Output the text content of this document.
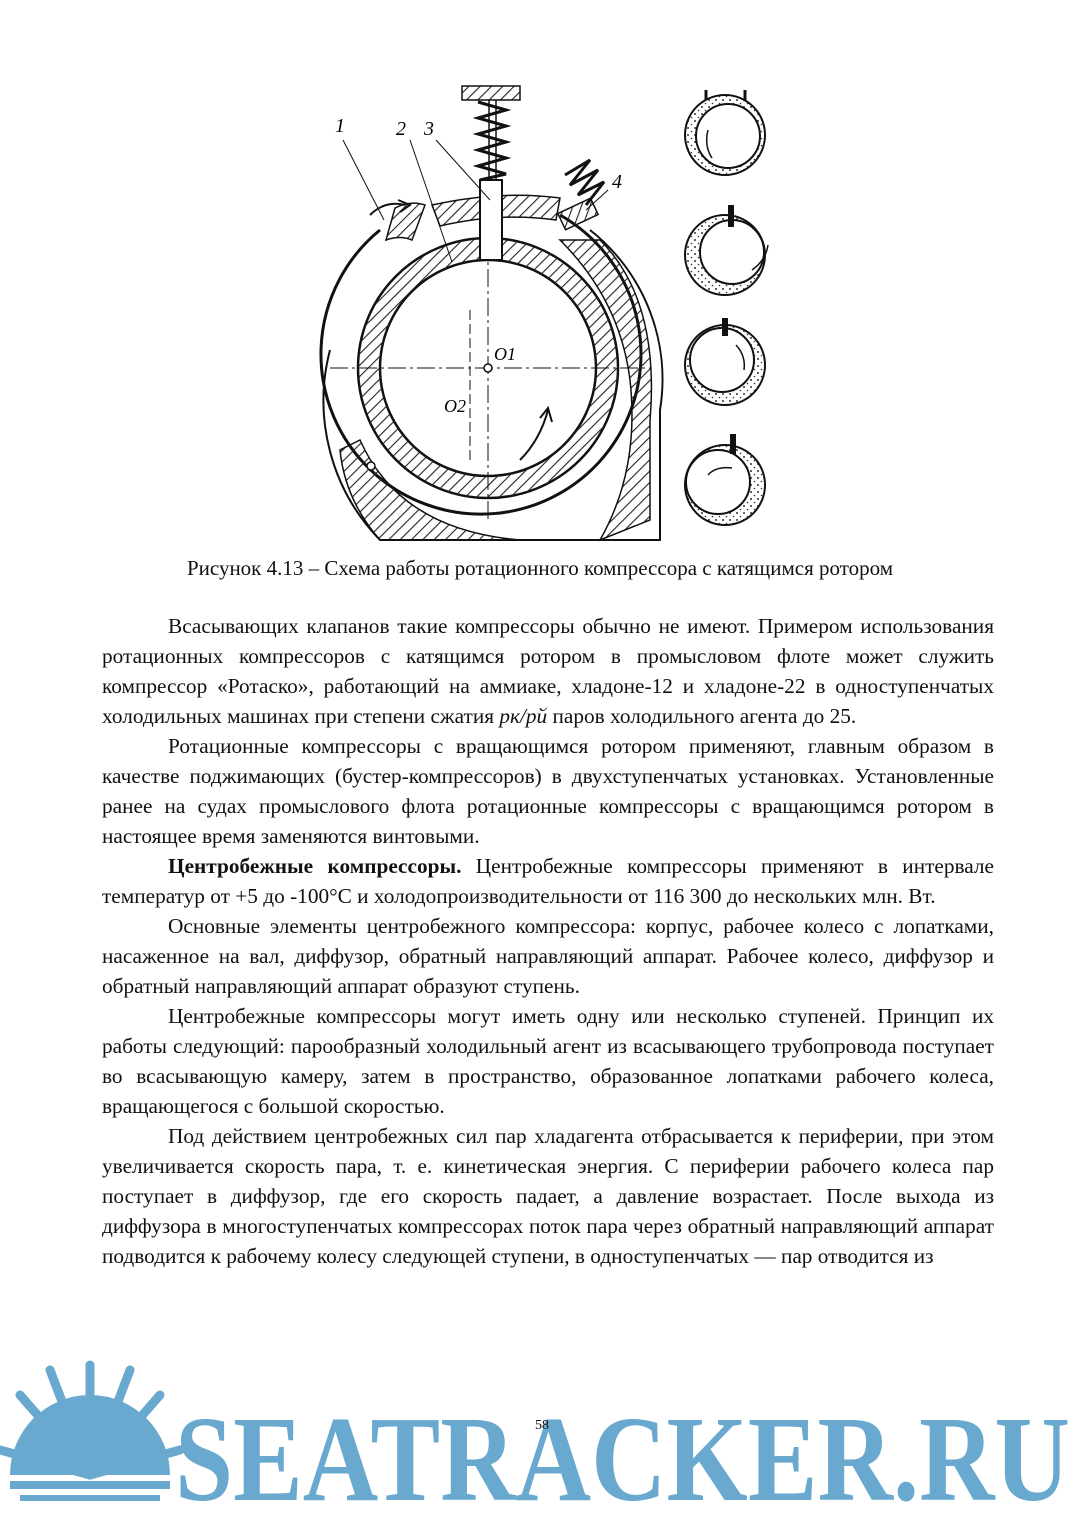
1	2 3
4
O1
O2
Рисунок 4.13 – Схема работы ротационного компрессора с катящимся ротором

Всасывающих клапанов такие компрессоры обычно не имеют. Примером использования ротационных компрессоров с катящимся ротором в промысловом флоте может служить компрессор «Ротаско», работающий на аммиаке, хладоне-12 и хладоне-22 в одноступенчатых холодильных машинах при степени сжатия pк/pй паров холодильного агента до 25.

Ротационные компрессоры с вращающимся ротором применяют, главным образом в качестве поджимающих (бустер-компрессоров) в двухступенчатых установках. Установленные ранее на судах промыслового флота ротационные компрессоры с вращающимся ротором в настоящее время заменяются винтовыми.

Центробежные компрессоры. Центробежные компрессоры применяют в интервале температур от +5 до -100°С и холодопроизводительности от 116 300 до нескольких млн. Вт.

Основные элементы центробежного компрессора: корпус, рабочее колесо с лопатками, насаженное на вал, диффузор, обратный направляющий аппарат. Рабочее колесо, диффузор и обратный направляющий аппарат образуют ступень.

Центробежные компрессоры могут иметь одну или несколько ступеней. Принцип их работы следующий: парообразный холодильный агент из всасывающего трубопровода поступает во всасывающую камеру, затем в пространство, образованное лопатками рабочего колеса, вращающегося с большой скоростью.

Под действием центробежных сил пар хладагента отбрасывается к периферии, при этом увеличивается скорость пара, т. е. кинетическая энергия. С периферии рабочего колеса пар поступает в диффузор, где его скорость падает, а давление возрастает. После выхода из диффузора в многоступенчатых компрессорах поток пара через обратный направляющий аппарат подводится к рабочему колесу следующей ступени, в одноступенчатых — пар отводится из

SEATRACKER.RU
58
